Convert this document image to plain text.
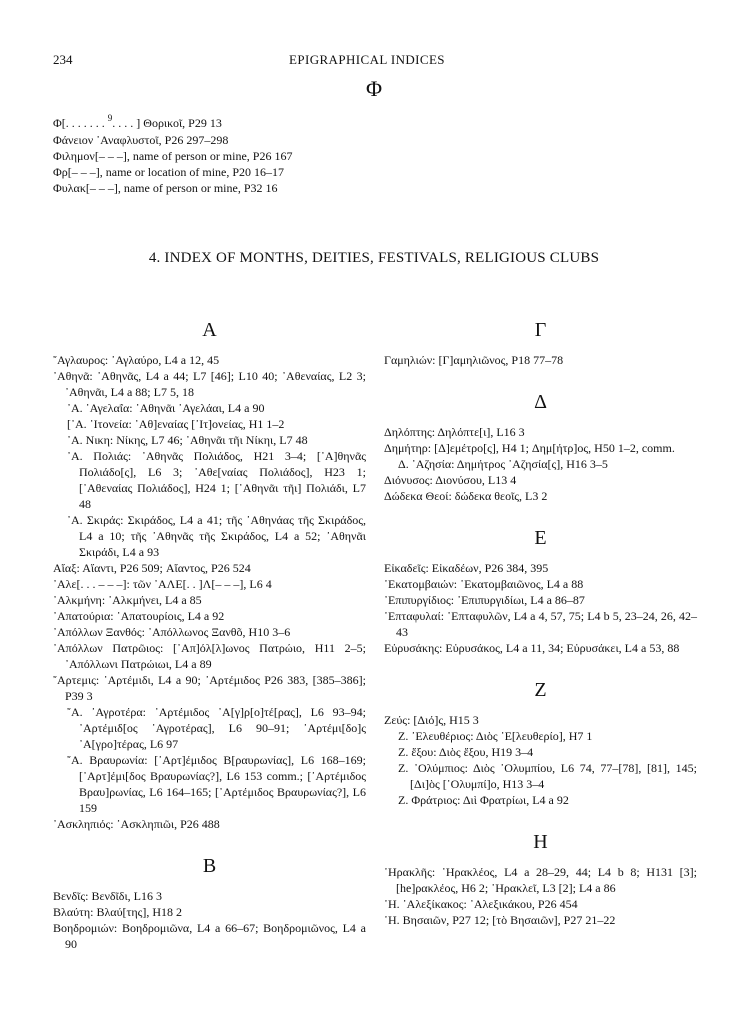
234	EPIGRAPHICAL INDICES
Φ
Φ[. . . . . . . $^9$. . . . ] Θορικοῖ, P29 13
Φάνειον ᾿Αναφλυστοῖ, P26 297–298
Φιλημον[– – –], name of person or mine, P26 167
Φρ[– – –], name or location of mine, P20 16–17
Φυλακ[– – –], name of person or mine, P32 16
4. INDEX OF MONTHS, DEITIES, FESTIVALS, RELIGIOUS CLUBS
A
῎Αγλαυρος: ᾿Αγλαύρο, L4 a 12, 45
᾿Αθηνᾶ: ᾿Αθηνᾶς, L4 a 44; L7 [46]; L10 40; ᾿Αθεναίας, L2 3; ᾿Αθηνᾶι, L4 a 88; L7 5, 18
᾿Α. ᾿Αγελαΐα: ᾿Αθηνᾶι ᾿Αγελάαι, L4 a 90
[᾿Α. ᾿Ιτονεία: ᾿Αθ]εναίας [᾿Ιτ]ονείας, H1 1–2
᾿Α. Νικη: Νίκης, L7 46; ᾿Αθηνᾶι τῆι Νίκηι, L7 48
᾿Α. Πολιάς: ᾿Αθηνᾶς Πολιάδος, H21 3–4; [᾿Α]θηνᾶς Πολιάδο[ς], L6 3; ᾿Αθε[ναίας Πολιάδος], H23 1; [᾿Αθεναίας Πολιάδος], H24 1; [᾿Αθηνᾶι τῆι] Πολιάδι, L7 48
᾿Α. Σκιράς: Σκιράδος, L4 a 41; τῆς ᾿Αθηνάας τῆς Σκιράδος, L4 a 10; τῆς ᾿Αθηνᾶς τῆς Σκιράδος, L4 a 52; ᾿Αθηνᾶι Σκιράδι, L4 a 93
Αἴαξ: Αἴαντι, P26 509; Αἴαντος, P26 524
᾿Αλε[. . . – – –]: τῶν ᾿ΑΛΕ[. . ]Λ[– – –], L6 4
᾿Αλκμήνη: ᾿Αλκμήνει, L4 a 85
᾿Απατούρια: ᾿Απατουρίοις, L4 a 92
᾿Απόλλων Ξανθός: ᾿Απόλλωνος Ξανθõ, H10 3–6
᾿Απόλλων Πατρῶιος: [᾿Απ]όλ[λ]ωνος Πατρώιο, H11 2–5; ᾿Απόλλωνι Πατρώιωι, L4 a 89
῎Αρτεμις: ᾿Αρτέμιδι, L4 a 90; ᾿Αρτέμιδος P26 383, [385–386]; P39 3
῎Α. ᾿Αγροτέρα: ᾿Αρτέμιδος ᾿Α[γ]ρ[ο]τέ[ρας], L6 93–94; ᾿Αρτέμιδ[ος ᾿Αγροτέρας], L6 90–91; ᾿Αρτέμι[δο]ς ᾿Α[γρο]τέρας, L6 97
῎Α. Βραυρωνία: [᾿Αρτ]έμιδος Β[ραυρωνίας], L6 168–169; [᾿Αρτ]έμι[δος Βραυρωνίας?], L6 153 comm.; [᾿Αρτέμιδος Βραυ]ρωνίας, L6 164–165; [᾿Αρτέμιδος Βραυρωνίας?], L6 159
᾿Ασκληπιός: ᾿Ασκληπιῶι, P26 488
B
Βενδῖς: Βενδῖδι, L16 3
Βλαύτη: Βλαύ[της], H18 2
Βοηδρομιών: Βοηδρομιῶνα, L4 a 66–67; Βοηδρομιῶνος, L4 a 90
Γ
Γαμηλιών: [Γ]αμηλιῶνος, P18 77–78
Δ
Δηλόπτης: Δηλόπτε[ι], L16 3
Δημήτηρ: [Δ]εμέτρο[ς], H4 1; Δημ[ήτρ]ος, H50 1–2, comm.
Δ. ᾿Αζησία: Δημήτρος ᾿Αζησία[ς], H16 3–5
Διόνυσος: Διονύσου, L13 4
Δώδεκα Θεοί: δώδεκα θεοῖς, L3 2
E
Εἰκαδεῖς: Εἰκαδέων, P26 384, 395
῾Εκατομβαιών: ῾Εκατομβαιῶνος, L4 a 88
᾿Επιπυργίδιος: ᾿Επιπυργιδίωι, L4 a 86–87
῾Επταφυλαί: ῾Επταφυλῶν, L4 a 4, 57, 75; L4 b 5, 23–24, 26, 42–43
Εὐρυσάκης: Εὐρυσάκος, L4 a 11, 34; Εὐρυσάκει, L4 a 53, 88
Z
Ζεύς: [Διό]ς, H15 3
Ζ. ᾿Ελευθέριος: Διὸς ᾿Ε[λευθερίο], H7 1
Ζ. ἔξου: Διὸς ἔξου, H19 3–4
Ζ. ᾿Ολύμπιος: Διὸς ᾿Ολυμπίου, L6 74, 77–[78], [81], 145; [Δι]ὸς [᾿Ολυμπί]ο, H13 3–4
Ζ. Φράτριος: Διὶ Φρατρίωι, L4 a 92
H
῾Ηρακλῆς: ῾Ηρακλέος, L4 a 28–29, 44; L4 b 8; H131 [3]; [he]ρακλέος, H6 2; ῾Ηρακλεῖ, L3 [2]; L4 a 86
῾Η. ᾿Αλεξίκακος: ᾿Αλεξικάκου, P26 454
῾Η. Βησαιῶν, P27 12; [τὸ Βησαιῶν], P27 21–22
